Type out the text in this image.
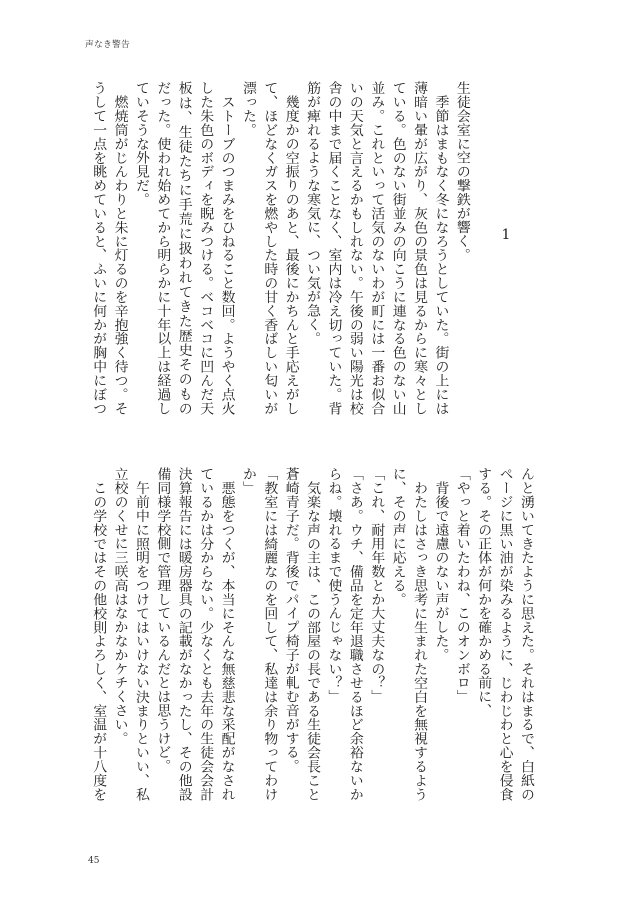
声なき警告
1
生徒会室に空の撃鉄が響く。
　季節はまもなく冬になろうとしていた。街の上には
薄暗い暈が広がり、灰色の景色は見るからに寒々とし
ている。色のない街並みの向こうに連なる色のない山
並み。これといって活気のないわが町には一番お似合
いの天気と言えるかもしれない。午後の弱い陽光は校
舎の中まで届くことなく、室内は冷え切っていた。背
筋が痺れるような寒気に、つい気が急く。
　幾度かの空振りのあと、最後にかちんと手応えがし
て、ほどなくガスを燃やした時の甘く香ばしい匂いが
漂った。
　ストーブのつまみをひねること数回。ようやく点火
した朱色のボディを睨みつける。ベコベコに凹んだ天
板は、生徒たちに手荒に扱われてきた歴史そのもの
だった。使われ始めてから明らかに十年以上は経過し
ていそうな外見だ。
　燃焼筒がじんわりと朱に灯るのを辛抱強く待つ。そ
うして一点を眺めていると、ふいに何かが胸中にぼつ
んと湧いてきたように思えた。それはまるで、白紙の
ページに黒い油が染みるように、じわじわと心を侵食
する。その正体が何かを確かめる前に、
「やっと着いたわね、このオンボロ」
　背後で遠慮のない声がした。
　わたしはさっき思考に生まれた空白を無視するよう
に、その声に応える。
「これ、耐用年数とか大丈夫なの？」
「さあ。ウチ、備品を定年退職させるほど余裕ないか
らね。壊れるまで使うんじゃない？」
　気楽な声の主は、この部屋の長である生徒会長こと
蒼崎青子だ。背後でパイプ椅子が軋む音がする。
「教室には綺麗なのを回して、私達は余り物ってわけ
か」
　悪態をつくが、本当にそんな無慈悲な采配がなされ
ているかは分からない。少なくとも去年の生徒会会計
決算報告には暖房器具の記載がなかったし、その他設
備同様学校側で管理しているんだとは思うけど。
　午前中に照明をつけてはいけない決まりといい、私
立校のくせに三咲高はなかなかケチくさい。
　この学校ではその他校則よろしく、室温が十八度を
45
